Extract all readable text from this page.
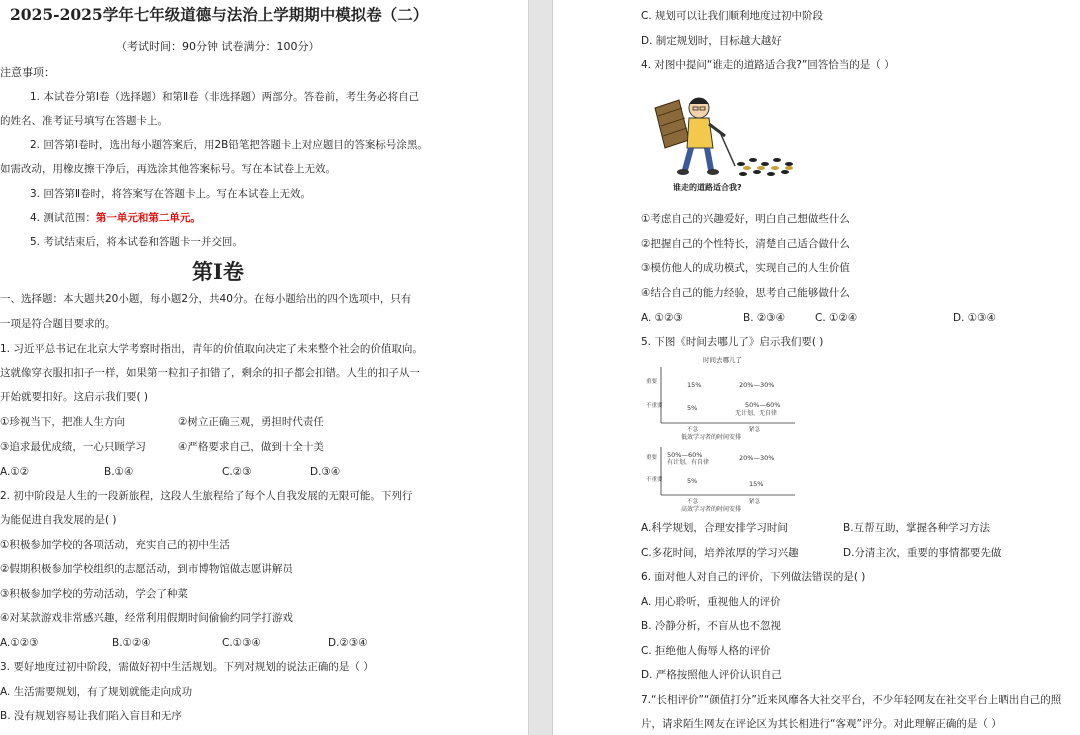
2025-2025学年七年级道德与法治上学期期中模拟卷（二）
（考试时间：90分钟 试卷满分：100分）
注意事项：
1. 本试卷分第Ⅰ卷（选择题）和第Ⅱ卷（非选择题）两部分。答卷前，考生务必将自己
的姓名、准考证号填写在答题卡上。
2. 回答第Ⅰ卷时，选出每小题答案后，用2B铅笔把答题卡上对应题目的答案标号涂黑。
如需改动，用橡皮擦干净后，再选涂其他答案标号。写在本试卷上无效。
3. 回答第Ⅱ卷时，将答案写在答题卡上。写在本试卷上无效。
4. 测试范围：第一单元和第二单元。
5. 考试结束后，将本试卷和答题卡一并交回。
第Ⅰ卷
一、选择题：本大题共20小题，每小题2分，共40分。在每小题给出的四个选项中，只有
一项是符合题目要求的。
1. 习近平总书记在北京大学考察时指出，青年的价值取向决定了未来整个社会的价值取向。
这就像穿衣服扣扣子一样，如果第一粒扣子扣错了，剩余的扣子都会扣错。人生的扣子从一
开始就要扣好。这启示我们要( )
①珍视当下，把准人生方向	②树立正确三观，勇担时代责任
③追求最优成绩，一心只顾学习	④严格要求自己，做到十全十美
A.①②	B.①④	C.②③	D.③④
2. 初中阶段是人生的一段新旅程，这段人生旅程给了每个人自我发展的无限可能。下列行
为能促进自我发展的是( )
①积极参加学校的各项活动，充实自己的初中生活
②假期积极参加学校组织的志愿活动，到市博物馆做志愿讲解员
③积极参加学校的劳动活动，学会了种菜
④对某款游戏非常感兴趣，经常利用假期时间偷偷约同学打游戏
A.①②③	B.①②④	C.①③④	D.②③④
3. 要好地度过初中阶段，需做好初中生活规划。下列对规划的说法正确的是（ ）
A. 生活需要规划，有了规划就能走向成功
B. 没有规划容易让我们陷入盲目和无序
C. 规划可以让我们顺利地度过初中阶段
D. 制定规划时，目标越大越好
4. 对图中提问“谁走的道路适合我?”回答恰当的是（ ）
谁走的道路适合我?
①考虑自己的兴趣爱好，明白自己想做些什么
②把握自己的个性特长，清楚自己适合做什么
③模仿他人的成功模式，实现自己的人生价值
④结合自己的能力经验，思考自己能够做什么
A. ①②③	B. ②③④	C. ①②④	D. ①③④
5. 下图《时间去哪儿了》启示我们要( )
时间去哪儿了
重要
不重要
15%	20%—30%
5%	50%—60%
无计划，无自律
不急	紧急
低效学习者的时间安排
重要
不重要
50%—60%
有计划，有自律
20%—30%
5%	15%
不急	紧急
高效学习者的时间安排
A.科学规划，合理安排学习时间	B.互帮互助，掌握各种学习方法
C.多花时间，培养浓厚的学习兴趣	D.分清主次，重要的事情都要先做
6. 面对他人对自己的评价，下列做法错误的是( )
A. 用心聆听，重视他人的评价
B. 冷静分析，不盲从也不忽视
C. 拒绝他人侮辱人格的评价
D. 严格按照他人评价认识自己
7.“长相评价”“颜值打分”近来风靡各大社交平台，不少年轻网友在社交平台上晒出自己的照
片，请求陌生网友在评论区为其长相进行“客观”评分。对此理解正确的是（ ）
